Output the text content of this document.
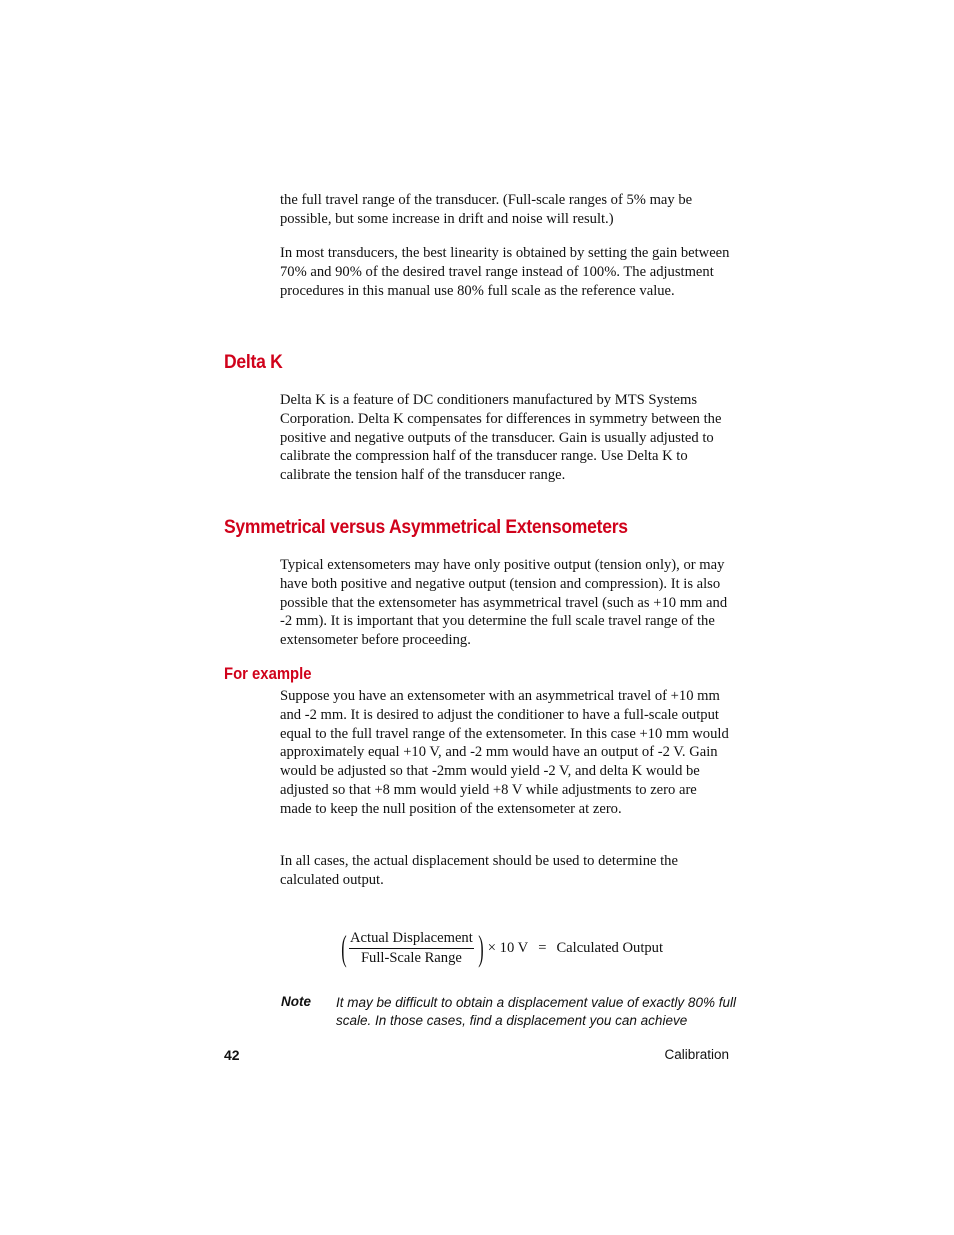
the full travel range of the transducer. (Full-scale ranges of 5% may be possible, but some increase in drift and noise will result.)

In most transducers, the best linearity is obtained by setting the gain between 70% and 90% of the desired travel range instead of 100%. The adjustment procedures in this manual use 80% full scale as the reference value.

Delta K

Delta K is a feature of DC conditioners manufactured by MTS Systems Corporation. Delta K compensates for differences in symmetry between the positive and negative outputs of the transducer. Gain is usually adjusted to calibrate the compression half of the transducer range. Use Delta K to calibrate the tension half of the transducer range.

Symmetrical versus Asymmetrical Extensometers

Typical extensometers may have only positive output (tension only), or may have both positive and negative output (tension and compression). It is also possible that the extensometer has asymmetrical travel (such as +10 mm and -2 mm). It is important that you determine the full scale travel range of the extensometer before proceeding.

For example

Suppose you have an extensometer with an asymmetrical travel of +10 mm and -2 mm. It is desired to adjust the conditioner to have a full-scale output equal to the full travel range of the extensometer. In this case +10 mm would approximately equal +10 V, and -2 mm would have an output of -2 V. Gain would be adjusted so that -2mm would yield -2 V, and delta K would be adjusted so that +8 mm would yield +8 V while adjustments to zero are made to keep the null position of the extensometer at zero.

In all cases, the actual displacement should be used to determine the calculated output.

( $\frac{\text{Actual Displacement}}{\text{Full-Scale Range}}$ ) × 10 V = Calculated Output
Note It may be difficult to obtain a displacement value of exactly 80% full scale. In those cases, find a displacement you can achieve

42	Calibration
